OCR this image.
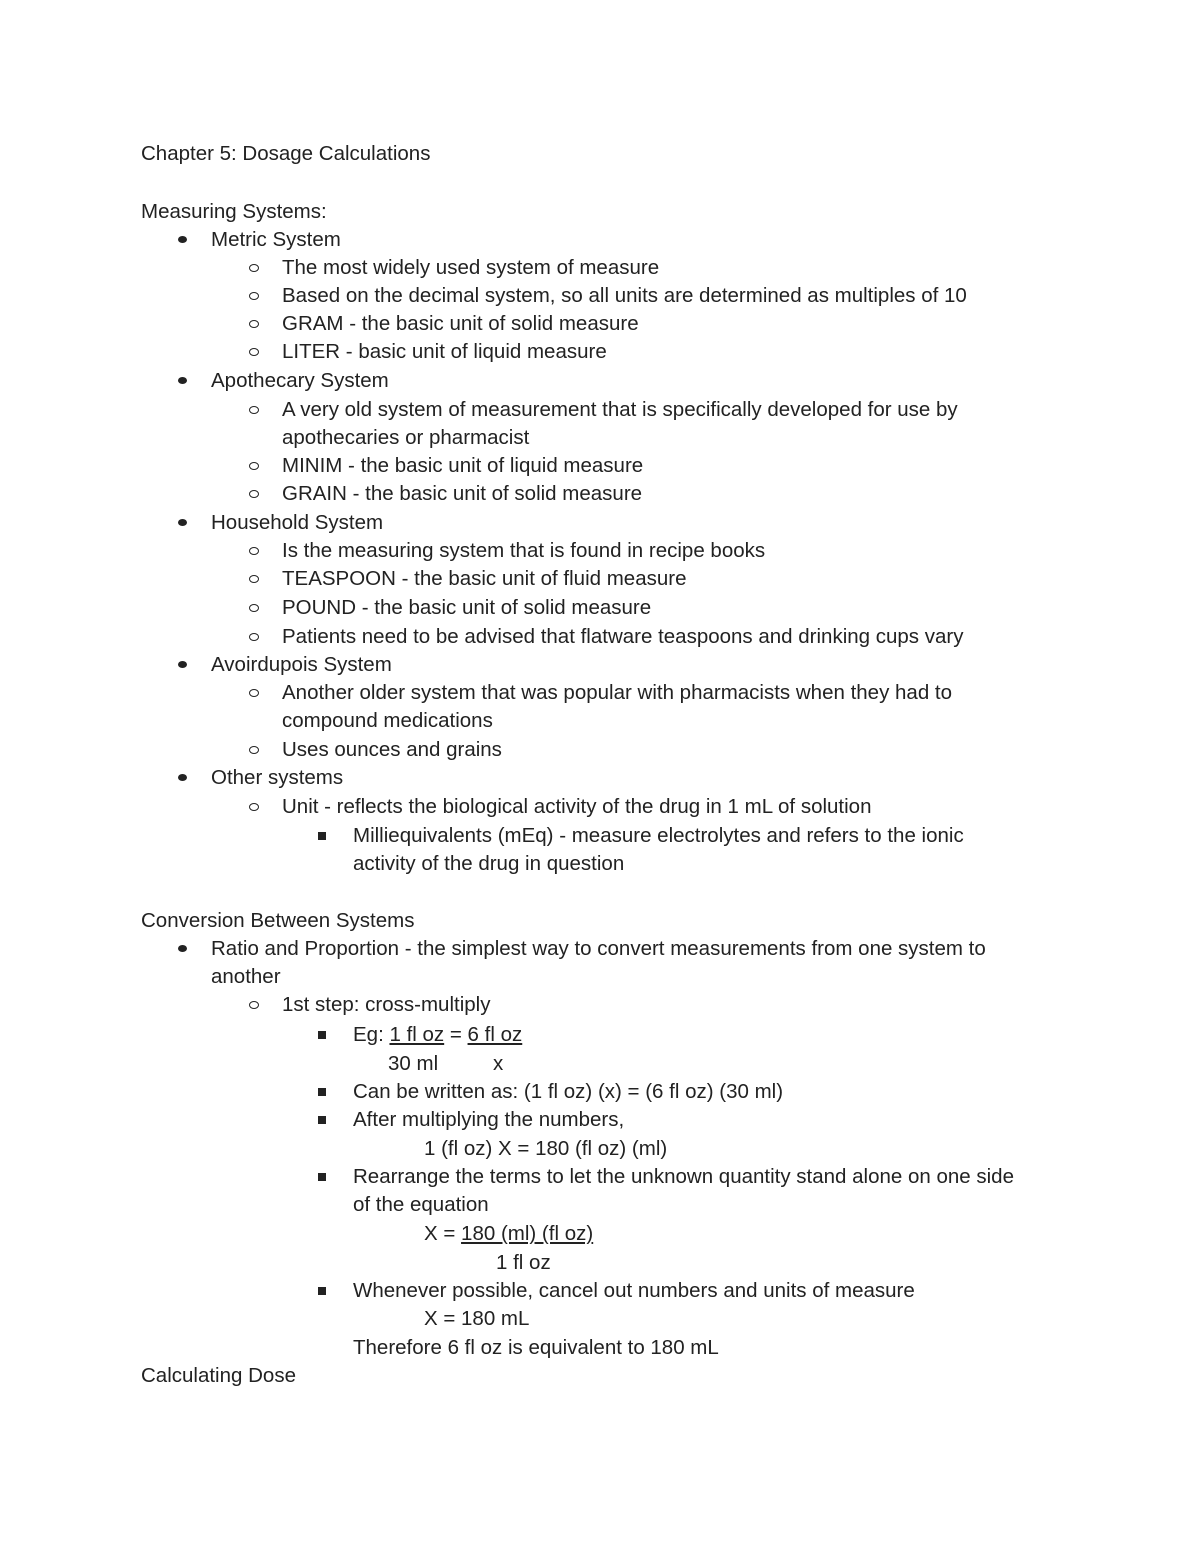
Chapter 5: Dosage Calculations
Measuring Systems:
Metric System
The most widely used system of measure
Based on the decimal system, so all units are determined as multiples of 10
GRAM - the basic unit of solid measure
LITER - basic unit of liquid measure
Apothecary System
A very old system of measurement that is specifically developed for use by
apothecaries or pharmacist
MINIM - the basic unit of liquid measure
GRAIN - the basic unit of solid measure
Household System
Is the measuring system that is found in recipe books
TEASPOON - the basic unit of fluid measure
POUND - the basic unit of solid measure
Patients need to be advised that flatware teaspoons and drinking cups vary
Avoirdupois System
Another older system that was popular with pharmacists when they had to
compound medications
Uses ounces and grains
Other systems
Unit - reflects the biological activity of the drug in 1 mL of solution
Milliequivalents (mEq) - measure electrolytes and refers to the ionic
activity of the drug in question
Conversion Between Systems
Ratio and Proportion - the simplest way to convert measurements from one system to
another
1st step: cross-multiply
Eg: 1 fl oz = 6 fl oz
30 ml	x
Can be written as: (1 fl oz) (x) = (6 fl oz) (30 ml)
After multiplying the numbers,
1 (fl oz) X = 180 (fl oz) (ml)
Rearrange the terms to let the unknown quantity stand alone on one side
of the equation
X = 180 (ml) (fl oz)
1 fl oz
Whenever possible, cancel out numbers and units of measure
X = 180 mL
Therefore 6 fl oz is equivalent to 180 mL
Calculating Dose
